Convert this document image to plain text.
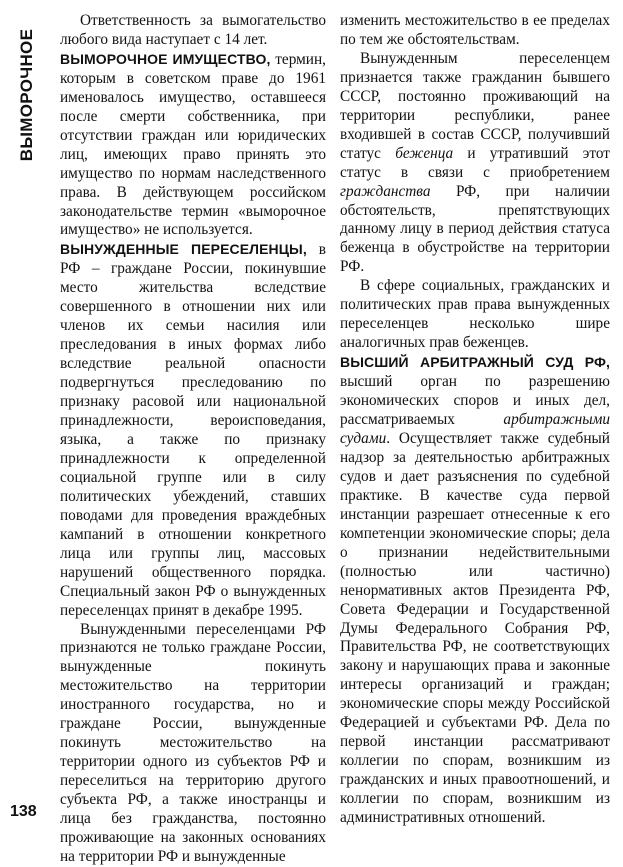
ВЫМОРОЧНОЕ
138

Ответственность за вымогательство любого вида наступает с 14 лет.

ВЫМОРОЧНОЕ ИМУЩЕСТВО, термин, которым в советском праве до 1961 именовалось имущество, оставшееся после смерти собственника, при отсутствии граждан или юридических лиц, имеющих право принять это имущество по нормам наследственного права. В действующем российском законодательстве термин «выморочное имущество» не используется.

ВЫНУЖДЕННЫЕ ПЕРЕСЕЛЕНЦЫ, в РФ – граждане России, покинувшие место жительства вследствие совершенного в отношении них или членов их семьи насилия или преследования в иных формах либо вследствие реальной опасности подвергнуться преследованию по признаку расовой или национальной принадлежности, вероисповедания, языка, а также по признаку принадлежности к определенной социальной группе или в силу политических убеждений, ставших поводами для проведения враждебных кампаний в отношении конкретного лица или группы лиц, массовых нарушений общественного порядка. Специальный закон РФ о вынужденных переселенцах принят в декабре 1995.

Вынужденными переселенцами РФ признаются не только граждане России, вынужденные покинуть местожительство на территории иностранного государства, но и граждане России, вынужденные покинуть местожительство на территории одного из субъектов РФ и переселиться на территорию другого субъекта РФ, а также иностранцы и лица без гражданства, постоянно проживающие на законных основаниях на территории РФ и вынужденные

изменить местожительство в ее пределах по тем же обстоятельствам.

Вынужденным переселенцем признается также гражданин бывшего СССР, постоянно проживающий на территории республики, ранее входившей в состав СССР, получивший статус беженца и утративший этот статус в связи с приобретением гражданства РФ, при наличии обстоятельств, препятствующих данному лицу в период действия статуса беженца в обустройстве на территории РФ.

В сфере социальных, гражданских и политических прав права вынужденных переселенцев несколько шире аналогичных прав беженцев.

ВЫСШИЙ АРБИТРАЖНЫЙ СУД РФ, высший орган по разрешению экономических споров и иных дел, рассматриваемых арбитражными судами. Осуществляет также судебный надзор за деятельностью арбитражных судов и дает разъяснения по судебной практике. В качестве суда первой инстанции разрешает отнесенные к его компетенции экономические споры; дела о признании недействительными (полностью или частично) ненормативных актов Президента РФ, Совета Федерации и Государственной Думы Федерального Собрания РФ, Правительства РФ, не соответствующих закону и нарушающих права и законные интересы организаций и граждан; экономические споры между Российской Федерацией и субъектами РФ. Дела по первой инстанции рассматривают коллегии по спорам, возникшим из гражданских и иных правоотношений, и коллегии по спорам, возникшим из административных отношений.
